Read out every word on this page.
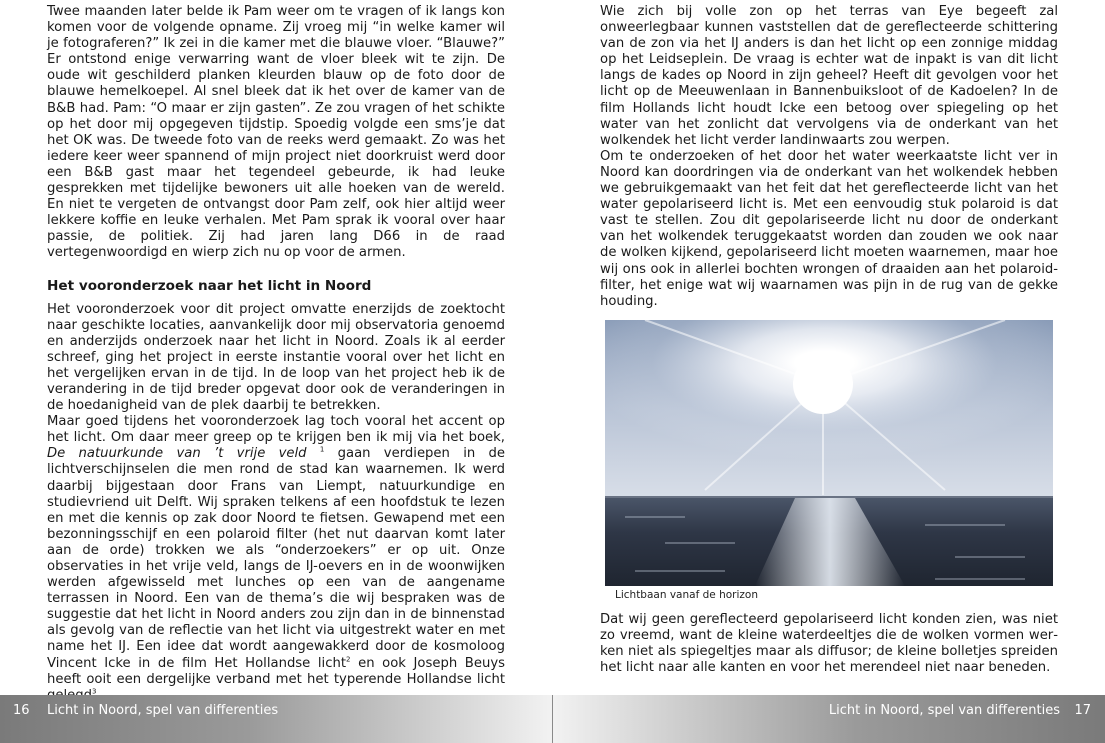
Twee maanden later belde ik Pam weer om te vragen of ik langs kon komen voor de volgende opname. Zij vroeg mij “in welke kamer wil je fotograferen?” Ik zei in die kamer met die blauwe vloer. “Blauwe?” Er ontstond enige verwarring want de vloer bleek wit te zijn. De oude wit geschilderd planken kleurden blauw op de foto door de blauwe hemelkoepel. Al snel bleek dat ik het over de kamer van de B&B had. Pam: “O maar er zijn gasten”. Ze zou vragen of het schikte op het door mij opgegeven tijdstip. Spoedig volgde een sms’je dat het OK was. De tweede foto van de reeks werd gemaakt. Zo was het iedere keer weer spannend of mijn project niet doorkruist werd door een B&B gast maar het tegendeel gebeurde, ik had leuke gesprekken met tijdelijke bewoners uit alle hoeken van de wereld. En niet te vergeten de ontvangst door Pam zelf, ook hier altijd weer lekkere koffie en leuke verhalen. Met Pam sprak ik vooral over haar passie, de politiek. Zij had jaren lang D66 in de raad vertegenwoordigd en wierp zich nu op voor de armen.

Het vooronderzoek naar het licht in Noord

Het vooronderzoek voor dit project omvatte enerzijds de zoektocht naar geschikte locaties, aanvankelijk door mij observatoria genoemd en anderzijds onderzoek naar het licht in Noord. Zoals ik al eerder schreef, ging het project in eerste instantie vooral over het licht en het vergelijken ervan in de tijd. In de loop van het project heb ik de verandering in de tijd breder opgevat door ook de veranderingen in de hoedanigheid van de plek daarbij te betrekken.

Maar goed tijdens het vooronderzoek lag toch vooral het accent op het licht. Om daar meer greep op te krijgen ben ik mij via het boek, De natuurkunde van ’t vrije veld $^1$ gaan verdiepen in de lichtverschijnselen die men rond de stad kan waarnemen. Ik werd daarbij bijgestaan door Frans van Liempt, natuurkundige en studievriend uit Delft. Wij spraken telkens af een hoofdstuk te lezen en met die kennis op zak door Noord te fietsen. Gewapend met een bezonningsschijf en een polaroid filter (het nut daarvan komt later aan de orde) trokken we als “onderzoekers” er op uit. Onze observaties in het vrije veld, langs de IJ-oevers en in de woonwijken werden afgewisseld met lunches op een van de aangename terrassen in Noord. Een van de thema’s die wij bespraken was de suggestie dat het licht in Noord anders zou zijn dan in de binnenstad als gevolg van de reflectie van het licht via uitgestrekt water en met name het IJ. Een idee dat wordt aangewakkerd door de kosmoloog Vincent Icke in de film Het Hollandse licht$^2$ en ook Joseph Beuys heeft ooit een dergelijke verband met het typerende Hollandse licht $^3$

Wie zich bij volle zon op het terras van Eye begeeft zal onweerlegbaar kunnen vaststellen dat de gereflecteerde schittering van de zon via het IJ anders is dan het licht op een zonnige middag op het Leidseplein. De vraag is echter wat de inpakt is van dit licht langs de kades op Noord in zijn geheel? Heeft dit gevolgen voor het licht op de Meeuwenlaan in Bannenbuiksloot of de Kadoelen? In de film Hollands licht houdt Icke een betoog over spiegeling op het water van het zonlicht dat vervolgens via de onderkant van het wolkendek het licht verder landinwaarts zou werpen.

Om te onderzoeken of het door het water weerkaatste licht ver in Noord kan doordringen via de onderkant van het wolkendek hebben we gebruikgemaakt van het feit dat het gereflecteerde licht van het water gepolariseerd licht is. Met een eenvoudig stuk polaroid is dat vast te stellen. Zou dit gepolariseerde licht nu door de onderkant van het wolkendek teruggekaatst worden dan zouden we ook naar de wolken kijkend, gepolariseerd licht moeten waarnemen, maar hoe wij ons ook in allerlei bochten wrongen of draaiden aan het polaroidfilter, het enige wat wij waarnamen was pijn in de rug van de gekke houding.

Lichtbaan vanaf de horizon

Dat wij geen gereflecteerd gepolariseerd licht konden zien, was niet zo vreemd, want de kleine waterdeeltjes die de wolken vormen werken niet als spiegeltjes maar als diffusor; de kleine bolletjes spreiden het licht naar alle kanten en voor het merendeel niet naar beneden.

16 Licht in Noord, spel van differenties	Licht in Noord, spel van differenties 17
